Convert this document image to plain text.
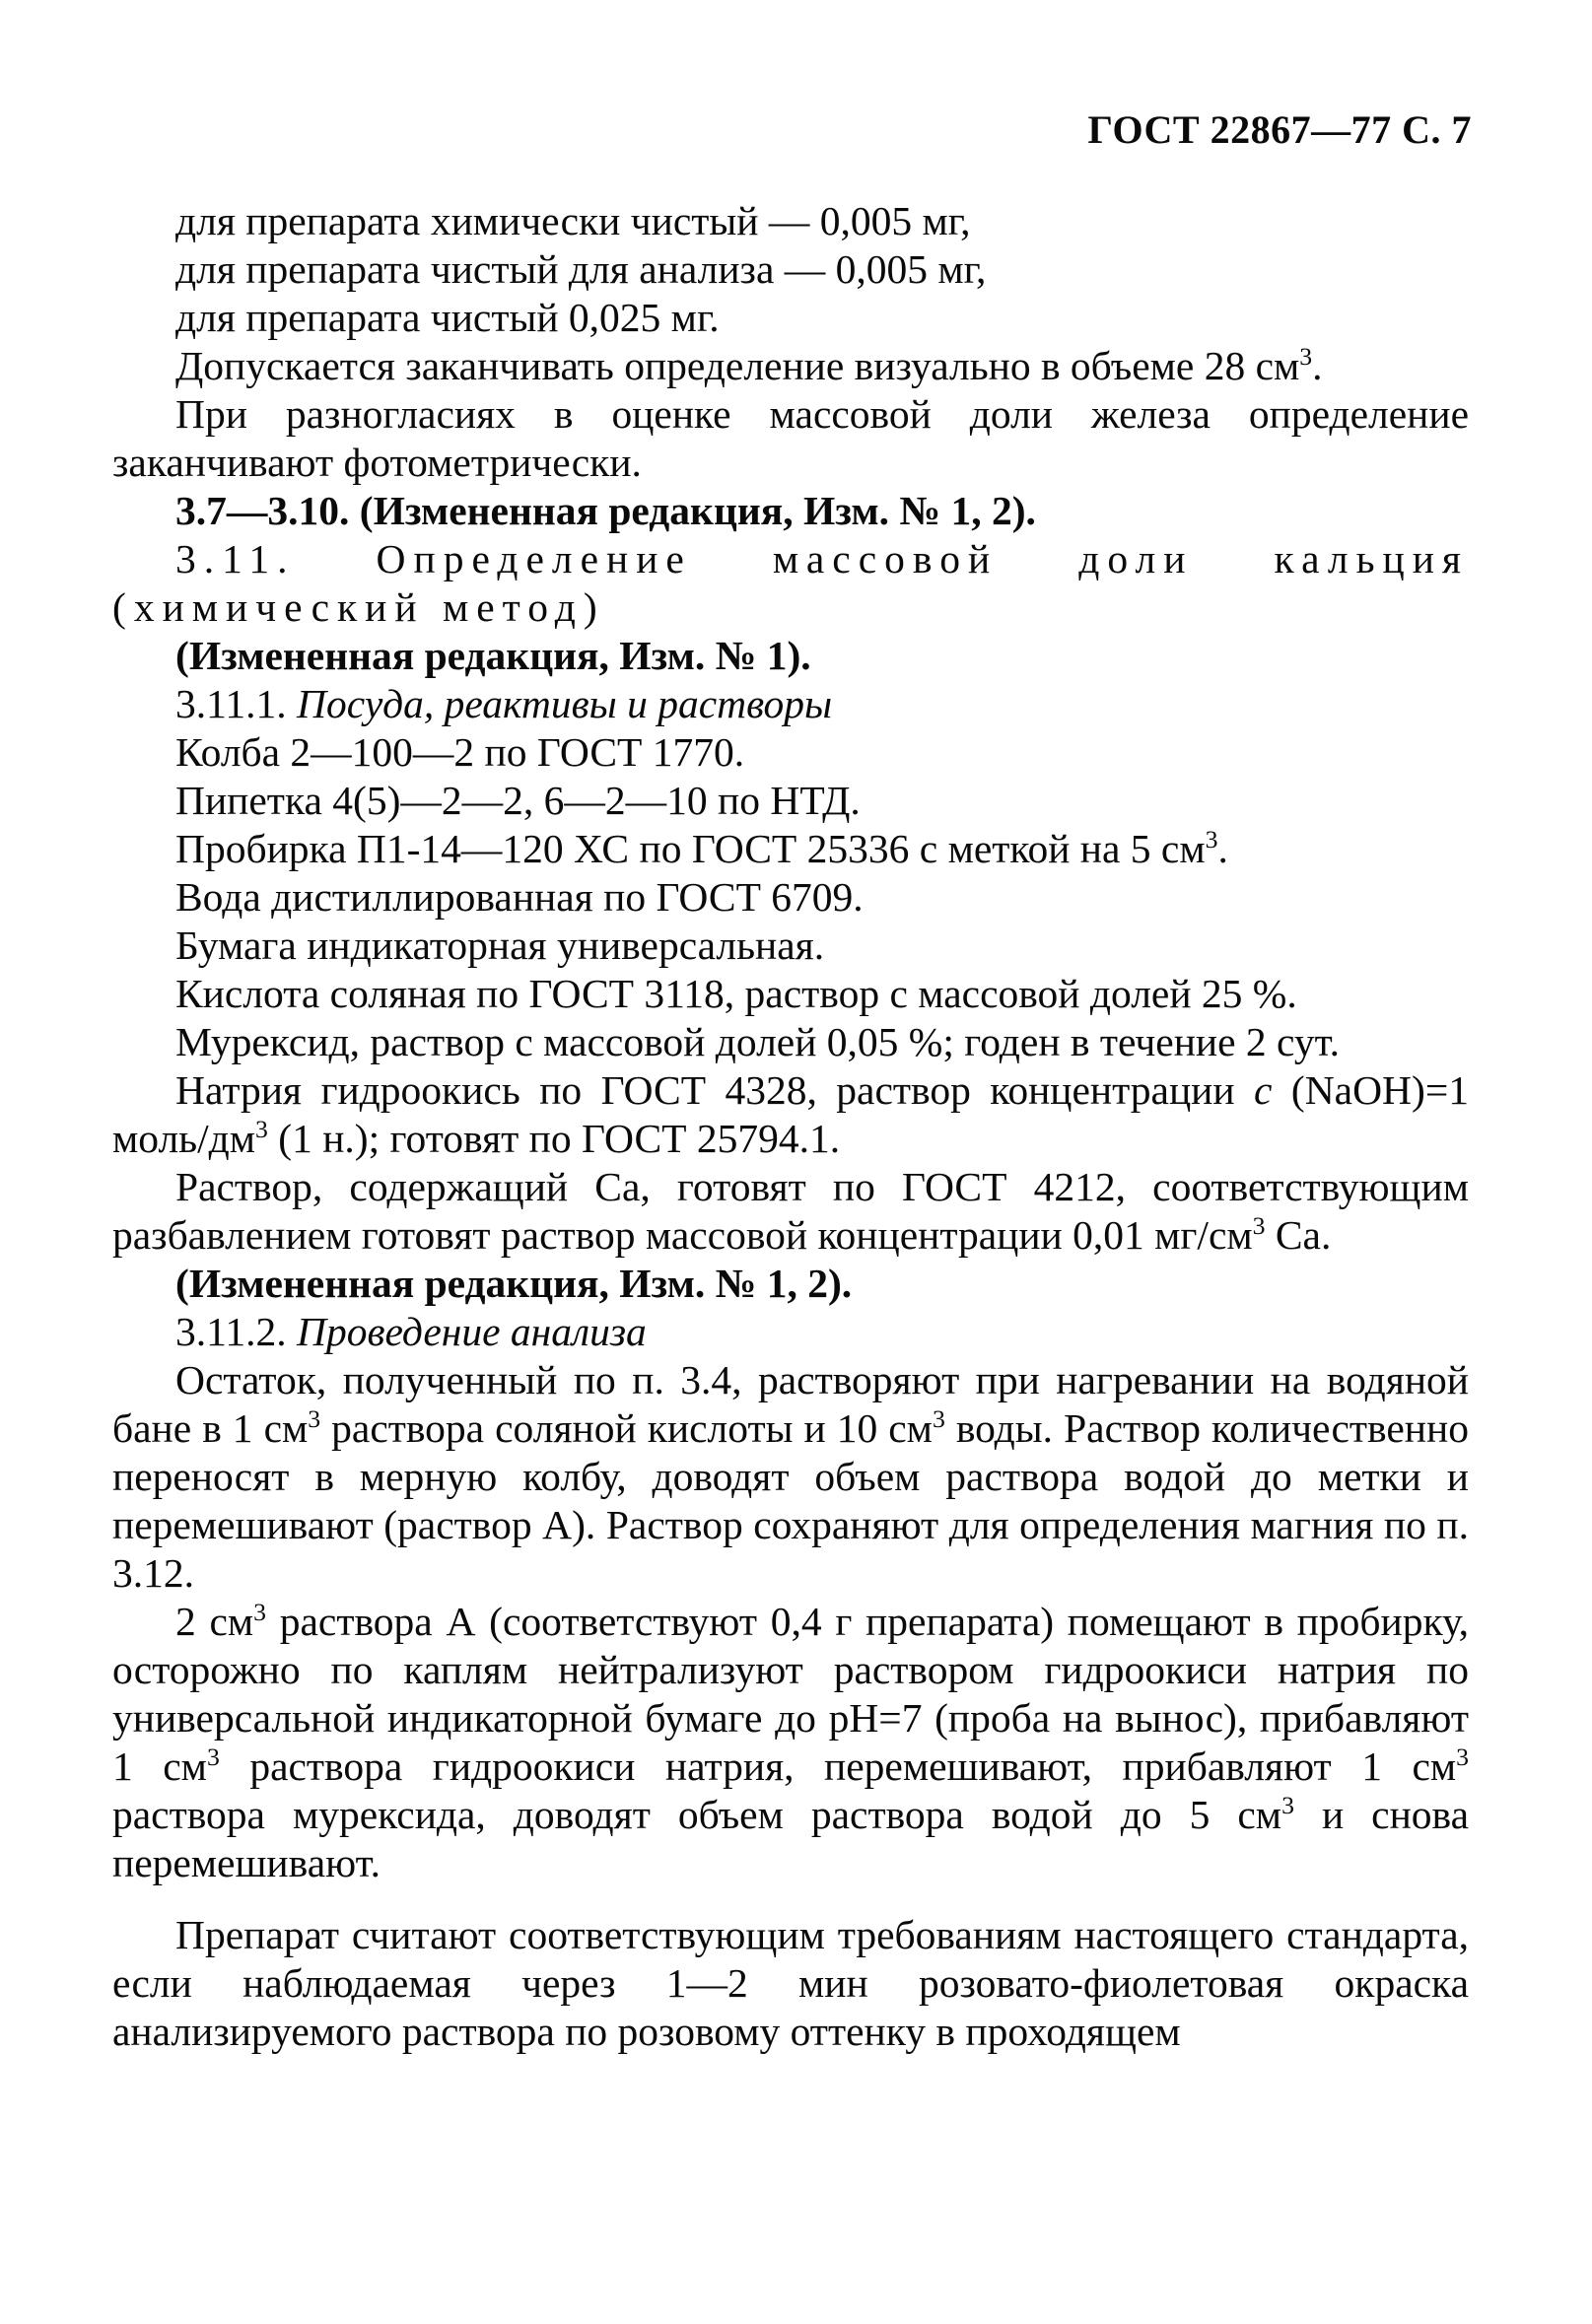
ГОСТ 22867—77 С. 7

для препарата химически чистый — 0,005 мг,

для препарата чистый для анализа — 0,005 мг,

для препарата чистый 0,025 мг.

Допускается заканчивать определение визуально в объеме 28 $см^3$.

При разногласиях в оценке массовой доли железа определение заканчивают фотометрически.

3.7—3.10. (Измененная редакция, Изм. № 1, 2).

3.11. Определение массовой доли кальция

(химический метод)

(Измененная редакция, Изм. № 1).

3.11.1. Посуда, реактивы и растворы

Колба 2—100—2 по ГОСТ 1770.

Пипетка 4(5)—2—2, 6—2—10 по НТД.

Пробирка П1-14—120 ХС по ГОСТ 25336 с меткой на 5 $см^3$.

Вода дистиллированная по ГОСТ 6709.

Бумага индикаторная универсальная.

Кислота соляная по ГОСТ 3118, раствор с массовой долей 25 %.

Мурексид, раствор с массовой долей 0,05 %; годен в течение 2 сут.

Натрия гидроокись по ГОСТ 4328, раствор концентрации c (NaOH)=1 моль/$дм^3$ (1 н.); готовят по ГОСТ 25794.1.

Раствор, содержащий Са, готовят по ГОСТ 4212, соответствующим разбавлением готовят раствор массовой концентрации 0,01 $мг/см^3$ Са.

(Измененная редакция, Изм. № 1, 2).

3.11.2. Проведение анализа

Остаток, полученный по п. 3.4, растворяют при нагревании на водяной бане в 1 $см^3$ раствора соляной кислоты и 10 $см^3$ воды. Раствор количественно переносят в мерную колбу, доводят объем раствора водой до метки и перемешивают (раствор А). Раствор сохраняют для определения магния по п. 3.12.

2 $см^3$ раствора А (соответствуют 0,4 г препарата) помещают в пробирку, осторожно по каплям нейтрализуют раствором гидроокиси натрия по универсальной индикаторной бумаге до рН=7 (проба на вынос), прибавляют 1 $см^3$ раствора гидроокиси натрия, перемешивают, прибавляют 1 $см^3$ раствора мурексида, доводят объем раствора водой до 5 $см^3$ и снова перемешивают.

Препарат считают соответствующим требованиям настоящего стандарта, если наблюдаемая через 1—2 мин розовато-фиолетовая окраска анализируемого раствора по розовому оттенку в проходящем
